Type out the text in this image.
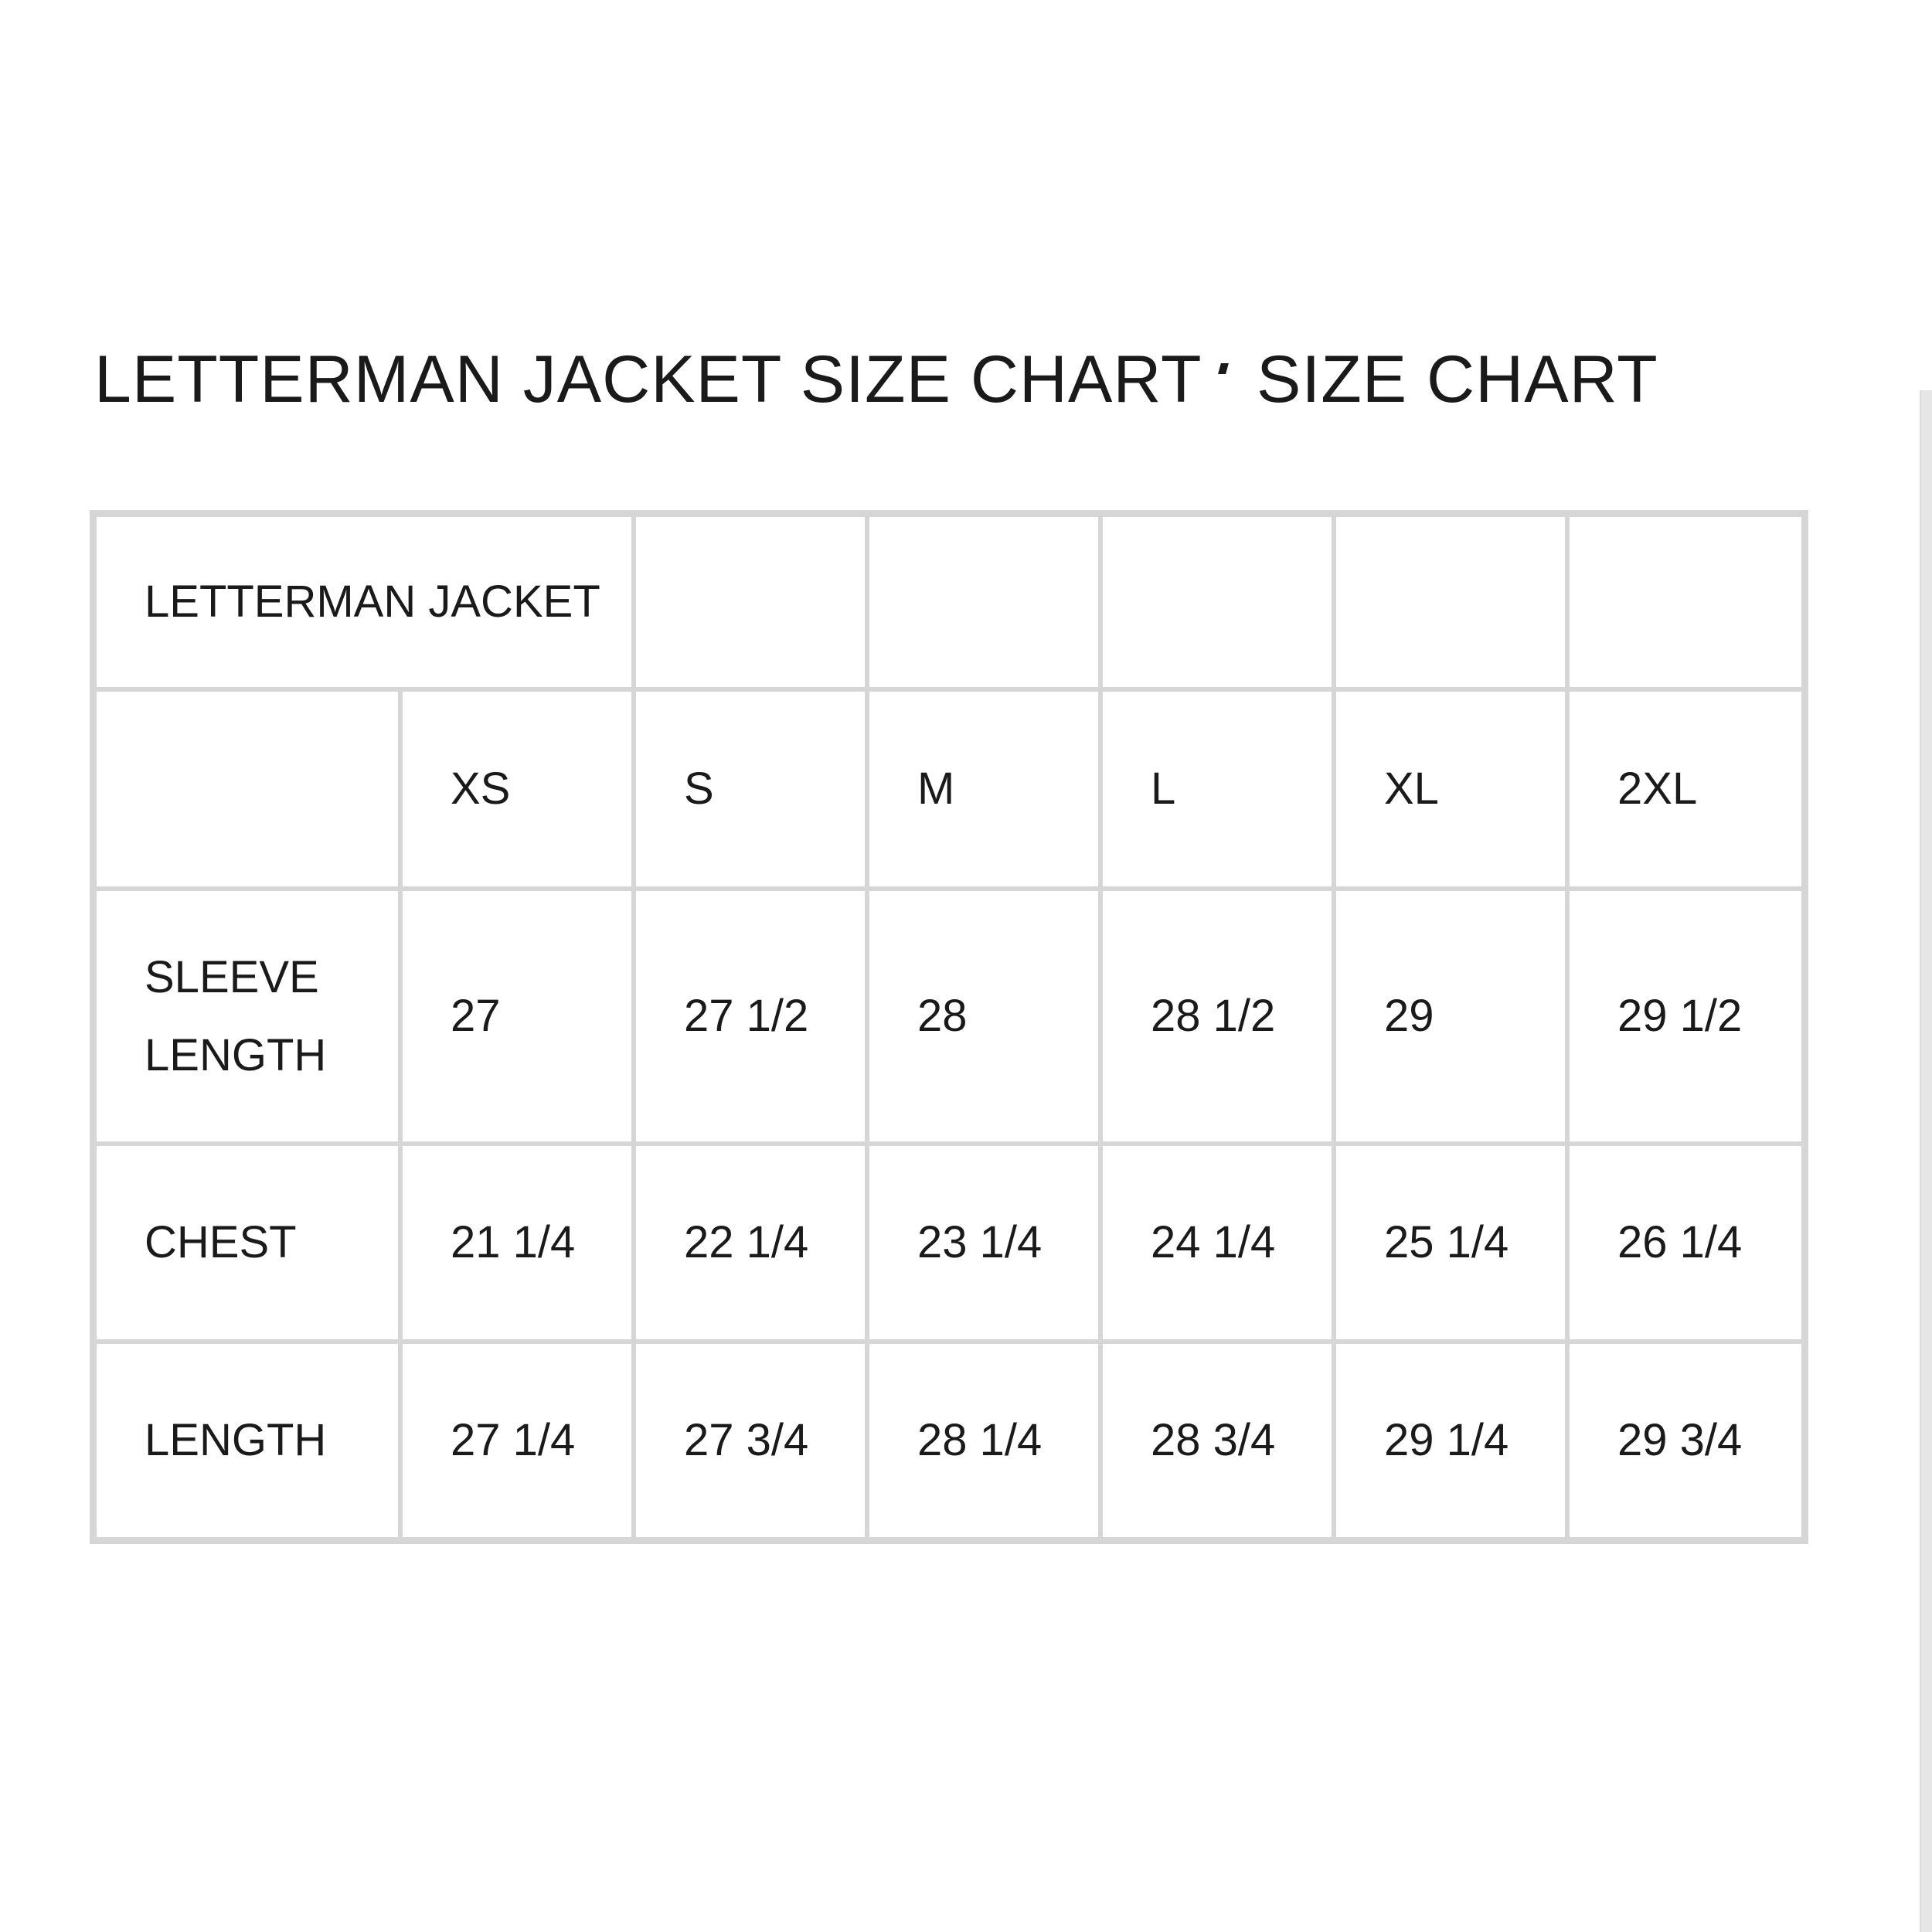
LETTERMAN JACKET SIZE CHART SIZE CHART
LETTERMAN JACKET						
	XS	S	M	L	XL	2XL

SLEEVE
LENGTH	27	27 1/2	28	28 1/2	29	29 1/2
CHEST	21 1/4	22 1/4	23 1/4	24 1/4	25 1/4	26 1/4
LENGTH	27 1/4	27 3/4	28 1/4	28 3/4	29 1/4	29 3/4
